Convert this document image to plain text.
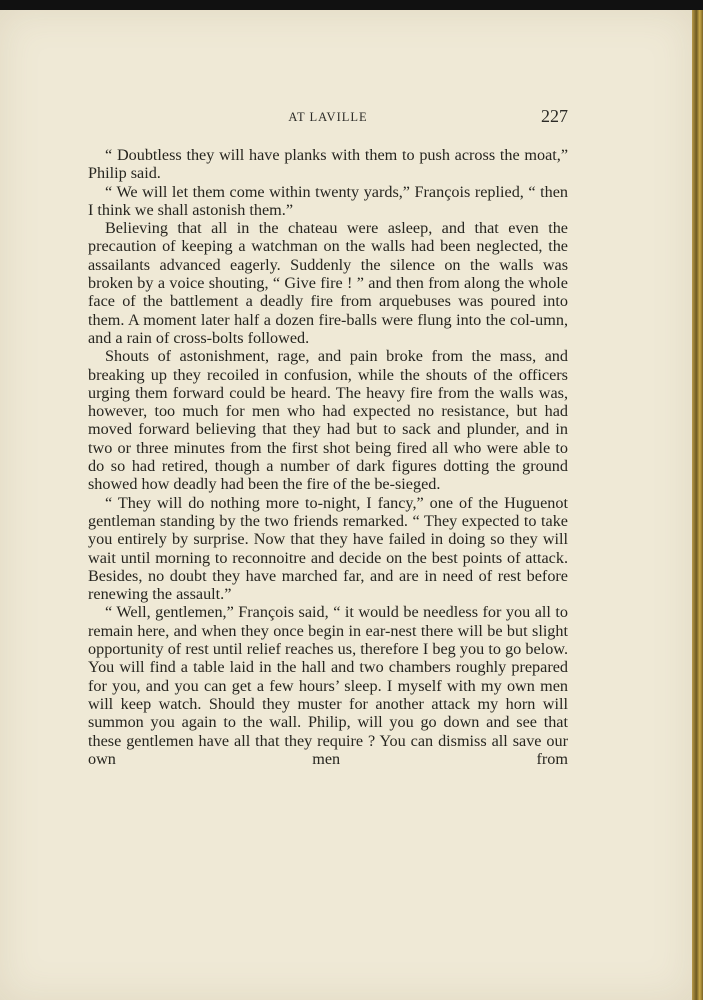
AT LAVILLE	227

“ Doubtless they will have planks with them to push across the moat,” Philip said.

“ We will let them come within twenty yards,” François replied, “ then I think we shall astonish them.”

Believing that all in the chateau were asleep, and that even the precaution of keeping a watchman on the walls had been neglected, the assailants advanced eagerly. Suddenly the silence on the walls was broken by a voice shouting, “ Give fire ! ” and then from along the whole face of the battlement a deadly fire from arquebuses was poured into them. A moment later half a dozen fire-balls were flung into the col-umn, and a rain of cross-bolts followed.

Shouts of astonishment, rage, and pain broke from the mass, and breaking up they recoiled in confusion, while the shouts of the officers urging them forward could be heard. The heavy fire from the walls was, however, too much for men who had expected no resistance, but had moved forward believing that they had but to sack and plunder, and in two or three minutes from the first shot being fired all who were able to do so had retired, though a number of dark figures dotting the ground showed how deadly had been the fire of the be-sieged.

“ They will do nothing more to-night, I fancy,” one of the Huguenot gentleman standing by the two friends remarked. “ They expected to take you entirely by surprise. Now that they have failed in doing so they will wait until morning to reconnoitre and decide on the best points of attack. Besides, no doubt they have marched far, and are in need of rest before renewing the assault.”

“ Well, gentlemen,” François said, “ it would be needless for you all to remain here, and when they once begin in ear-nest there will be but slight opportunity of rest until relief reaches us, therefore I beg you to go below. You will find a table laid in the hall and two chambers roughly prepared for you, and you can get a few hours’ sleep. I myself with my own men will keep watch. Should they muster for another attack my horn will summon you again to the wall. Philip, will you go down and see that these gentlemen have all that they require ? You can dismiss all save our own men from
